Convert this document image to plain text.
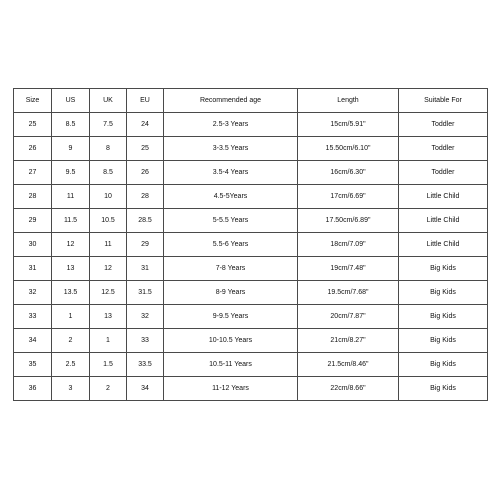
Size	US	UK	EU	Recommended age	Length	Suitable For
25	8.5	7.5	24	2.5-3 Years	15cm/5.91"	Toddler
26	9	8	25	3-3.5 Years	15.50cm/6.10"	Toddler
27	9.5	8.5	26	3.5-4 Years	16cm/6.30"	Toddler
28	11	10	28	4.5-5Years	17cm/6.69"	Little Child
29	11.5	10.5	28.5	5-5.5 Years	17.50cm/6.89"	Little Child
30	12	11	29	5.5-6 Years	18cm/7.09"	Little Child
31	13	12	31	7-8 Years	19cm/7.48"	Big Kids
32	13.5	12.5	31.5	8-9 Years	19.5cm/7.68"	Big Kids
33	1	13	32	9-9.5 Years	20cm/7.87"	Big Kids
34	2	1	33	10-10.5 Years	21cm/8.27"	Big Kids
35	2.5	1.5	33.5	10.5-11 Years	21.5cm/8.46"	Big Kids
36	3	2	34	11-12 Years	22cm/8.66"	Big Kids
